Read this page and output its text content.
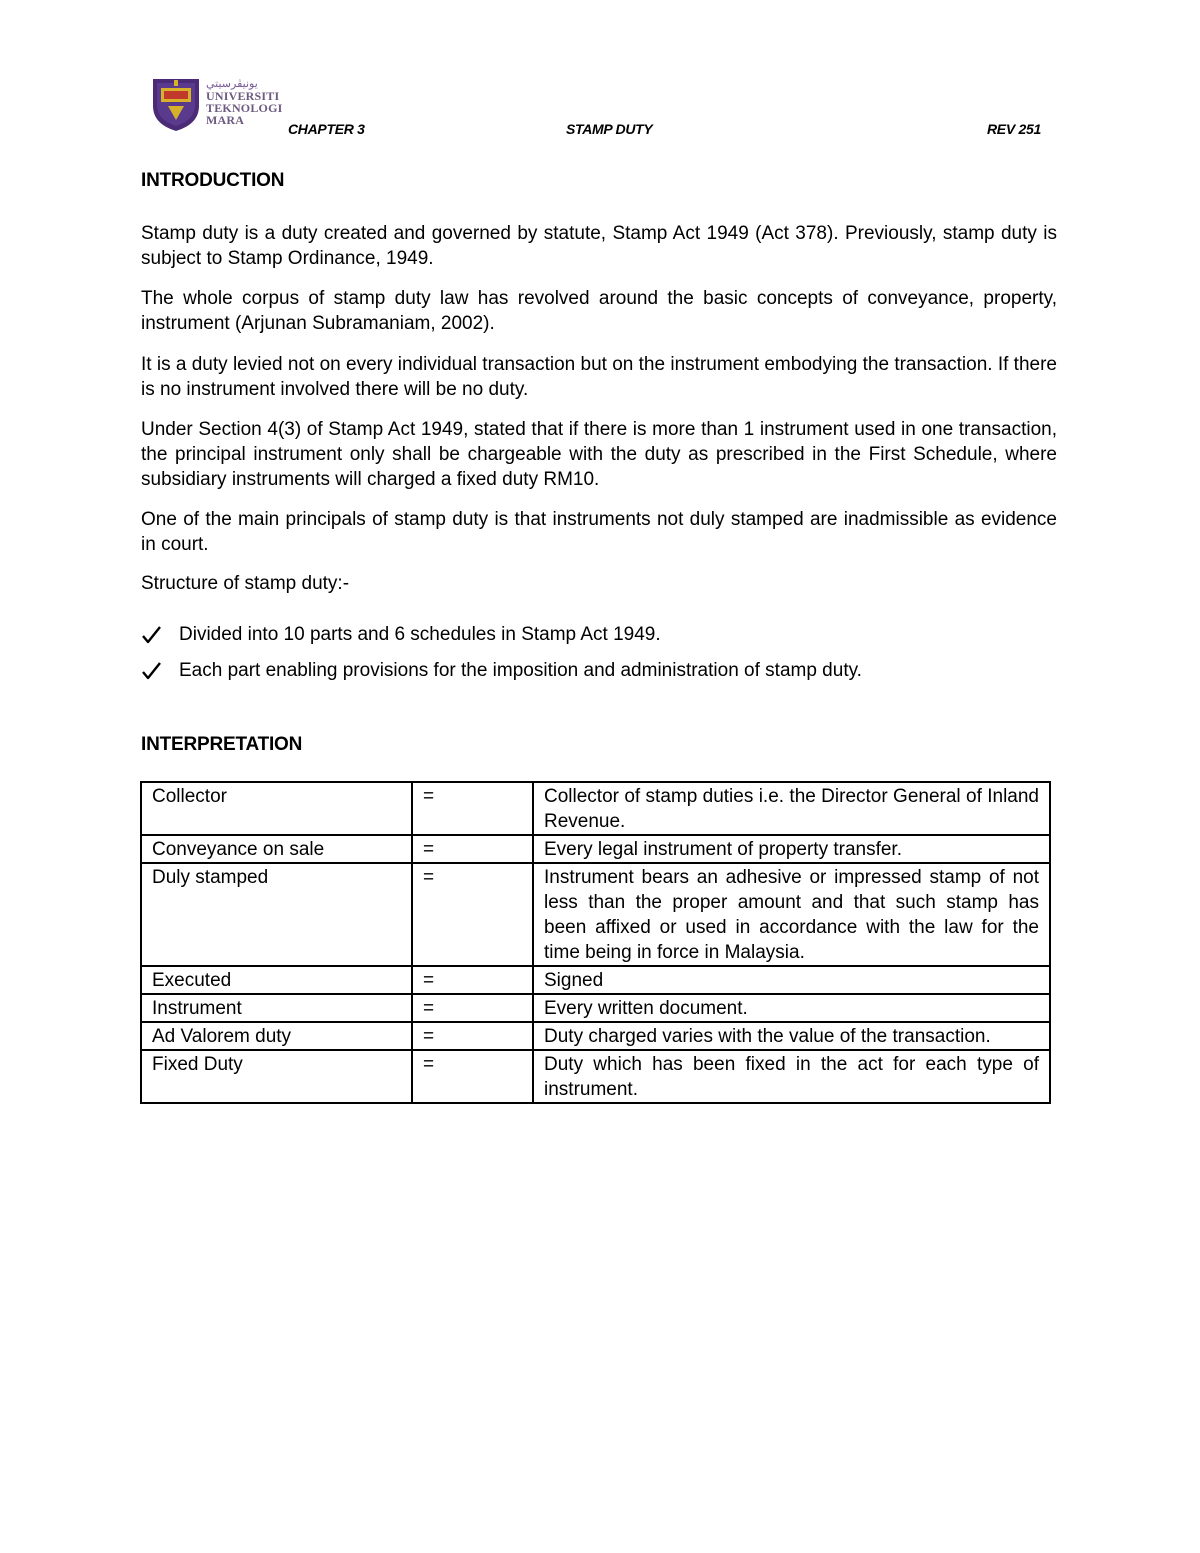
ﻳﻮﻧﻴﭭﺮﺳﻴﺘﻲ
UNIVERSITI
TEKNOLOGI
MARA
CHAPTER 3	STAMP DUTY	REV 251
INTRODUCTION

Stamp duty is a duty created and governed by statute, Stamp Act 1949 (Act 378). Previously, stamp duty is subject to Stamp Ordinance, 1949.

The whole corpus of stamp duty law has revolved around the basic concepts of conveyance, property, instrument (Arjunan Subramaniam, 2002).

It is a duty levied not on every individual transaction but on the instrument embodying the transaction. If there is no instrument involved there will be no duty.

Under Section 4(3) of Stamp Act 1949, stated that if there is more than 1 instrument used in one transaction, the principal instrument only shall be chargeable with the duty as prescribed in the First Schedule, where subsidiary instruments will charged a fixed duty RM10.

One of the main principals of stamp duty is that instruments not duly stamped are inadmissible as evidence in court.

Structure of stamp duty:-

Divided into 10 parts and 6 schedules in Stamp Act 1949.
Each part enabling provisions for the imposition and administration of stamp duty.
INTERPRETATION
Collector	=	Collector of stamp duties i.e. the Director General of Inland Revenue.
Conveyance on sale	=	Every legal instrument of property transfer.
Duly stamped	=	Instrument bears an adhesive or impressed stamp of not less than the proper amount and that such stamp has been affixed or used in accordance with the law for the time being in force in Malaysia.
Executed	=	Signed
Instrument	=	Every written document.
Ad Valorem duty	=	Duty charged varies with the value of the transaction.
Fixed Duty	=	Duty which has been fixed in the act for each type of instrument.
